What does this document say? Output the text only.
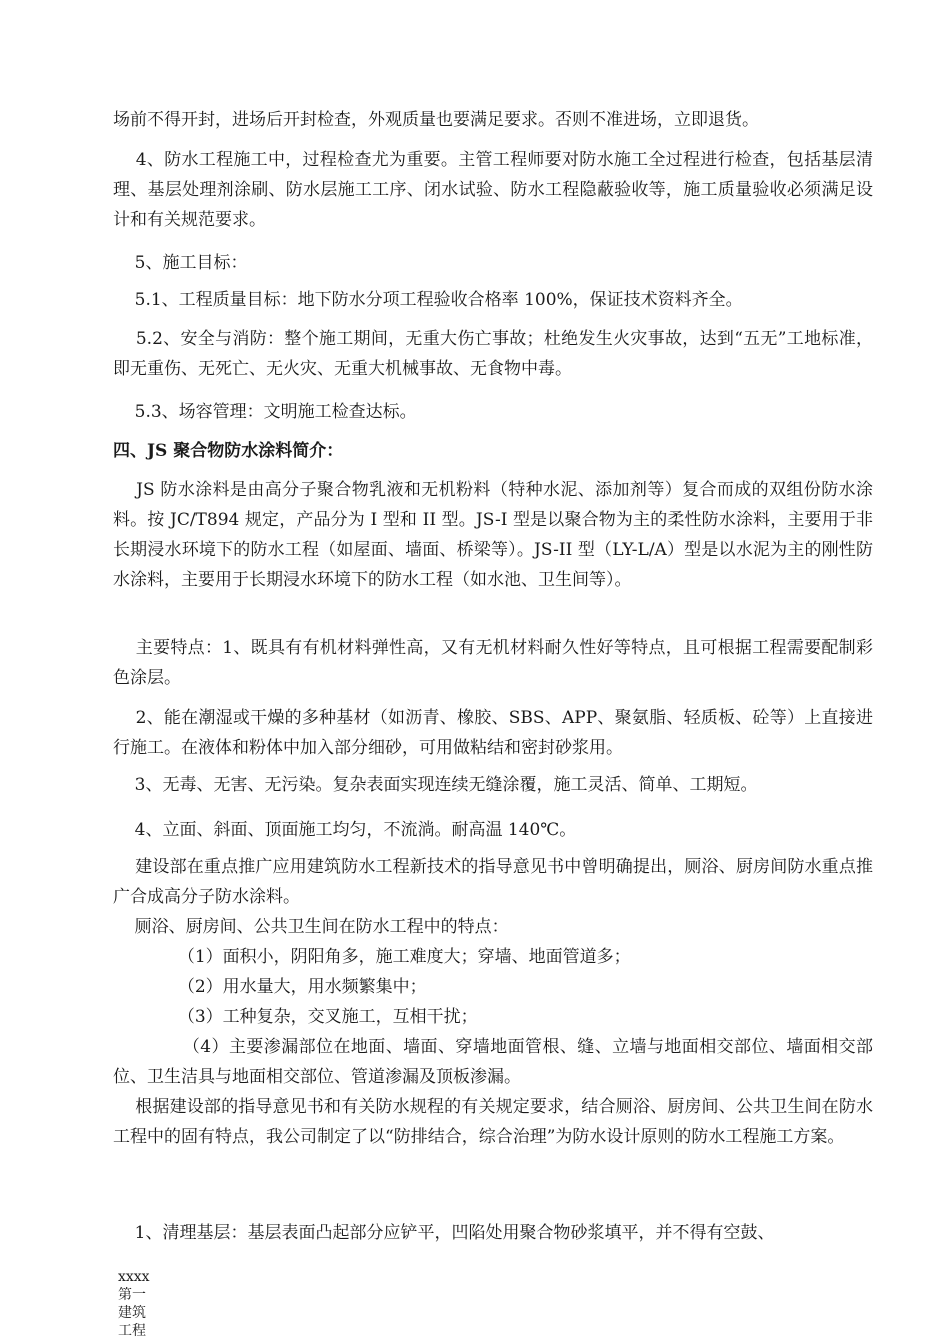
场前不得开封，进场后开封检查，外观质量也要满足要求。否则不准进场，立即退货。
4、防水工程施工中，过程检查尤为重要。主管工程师要对防水施工全过程进行检查，包括基层清理、基层处理剂涂刷、防水层施工工序、闭水试验、防水工程隐蔽验收等，施工质量验收必须满足设计和有关规范要求。
5、施工目标：
5.1、工程质量目标：地下防水分项工程验收合格率 100%，保证技术资料齐全。
5.2、安全与消防：整个施工期间，无重大伤亡事故；杜绝发生火灾事故，达到“五无”工地标准，即无重伤、无死亡、无火灾、无重大机械事故、无食物中毒。
5.3、场容管理：文明施工检查达标。
四、JS 聚合物防水涂料简介：
JS 防水涂料是由高分子聚合物乳液和无机粉料（特种水泥、添加剂等）复合而成的双组份防水涂料。按 JC/T894 规定，产品分为 I 型和 II 型。JS-I 型是以聚合物为主的柔性防水涂料，主要用于非长期浸水环境下的防水工程（如屋面、墙面、桥梁等）。JS-II 型（LY-L/A）型是以水泥为主的刚性防水涂料，主要用于长期浸水环境下的防水工程（如水池、卫生间等）。
主要特点：1、既具有有机材料弹性高，又有无机材料耐久性好等特点，且可根据工程需要配制彩色涂层。
2、能在潮湿或干燥的多种基材（如沥青、橡胶、SBS、APP、聚氨脂、轻质板、砼等）上直接进行施工。在液体和粉体中加入部分细砂，可用做粘结和密封砂浆用。
3、无毒、无害、无污染。复杂表面实现连续无缝涂覆，施工灵活、简单、工期短。
4、立面、斜面、顶面施工均匀，不流淌。耐高温 140℃。
建设部在重点推广应用建筑防水工程新技术的指导意见书中曾明确提出，厕浴、厨房间防水重点推广合成高分子防水涂料。
厕浴、厨房间、公共卫生间在防水工程中的特点：
（1）面积小，阴阳角多，施工难度大；穿墙、地面管道多；
（2）用水量大，用水频繁集中；
（3）工种复杂，交叉施工，互相干扰；
（4）主要渗漏部位在地面、墙面、穿墙地面管根、缝、立墙与地面相交部位、墙面相交部位、卫生洁具与地面相交部位、管道渗漏及顶板渗漏。
根据建设部的指导意见书和有关防水规程的有关规定要求，结合厕浴、厨房间、公共卫生间在防水工程中的固有特点，我公司制定了以“防排结合，综合治理”为防水设计原则的防水工程施工方案。
1、清理基层：基层表面凸起部分应铲平，凹陷处用聚合物砂浆填平，并不得有空鼓、
xxxx
第一
建筑
工程
